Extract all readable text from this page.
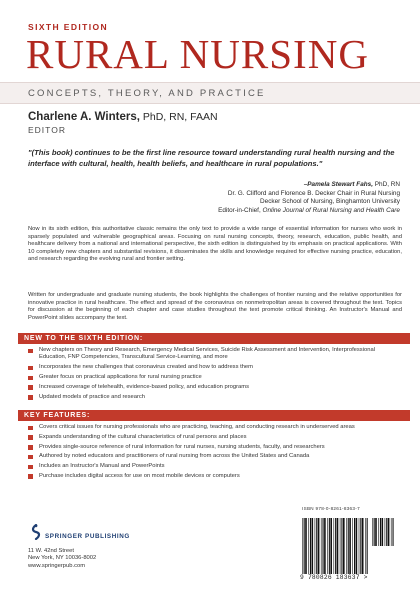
SIXTH EDITION
RURAL NURSING
CONCEPTS, THEORY, AND PRACTICE
Charlene A. Winters, PhD, RN, FAAN
EDITOR
"(This book) continues to be the first line resource toward understanding rural health nursing and the interface with cultural, health, health beliefs, and healthcare in rural populations."
–Pamela Stewart Fahs, PhD, RN
Dr. G. Clifford and Florence B. Decker Chair in Rural Nursing
Decker School of Nursing, Binghamton University
Editor-in-Chief, Online Journal of Rural Nursing and Health Care

Now in its sixth edition, this authoritative classic remains the only text to provide a wide range of essential information for nurses who work in sparsely populated and vulnerable geographical areas. Focusing on rural nursing concepts, theory, research, education, public health, and healthcare delivery from a national and international perspective, the sixth edition is distinguished by its emphasis on practical applications. With 10 completely new chapters and substantial revisions, it disseminates the skills and knowledge required for effective nursing practice, education, and research regarding the evolving rural and frontier setting.

Written for undergraduate and graduate nursing students, the book highlights the challenges of frontier nursing and the relative opportunities for innovative practice in rural healthcare. The effect and spread of the coronavirus on nonmetropolitan areas is covered throughout the text. Topics for discussion at the beginning of each chapter and case studies throughout the text promote critical thinking. An Instructor's Manual and PowerPoint slides accompany the text.

NEW TO THE SIXTH EDITION:
New chapters on Theory and Research, Emergency Medical Services, Suicide Risk Assessment and Intervention, Interprofessional Education, FNP Competencies, Transcultural Service-Learning, and more
Incorporates the new challenges that coronavirus created and how to address them
Greater focus on practical applications for rural nursing practice
Increased coverage of telehealth, evidence-based policy, and education programs
Updated models of practice and research
KEY FEATURES:
Covers critical issues for nursing professionals who are practicing, teaching, and conducting research in underserved areas
Expands understanding of the cultural characteristics of rural persons and places
Provides single-source reference of rural information for rural nurses, nursing students, faculty, and researchers
Authored by noted educators and practitioners of rural nursing from across the United States and Canada
Includes an Instructor's Manual and PowerPoints
Purchase includes digital access for use on most mobile devices or computers
SPRINGER PUBLISHING
11 W. 42nd Street
New York, NY 10036-8002
www.springerpub.com
ISBN 978-0-8261-8363-7
9 780826 183637 >
